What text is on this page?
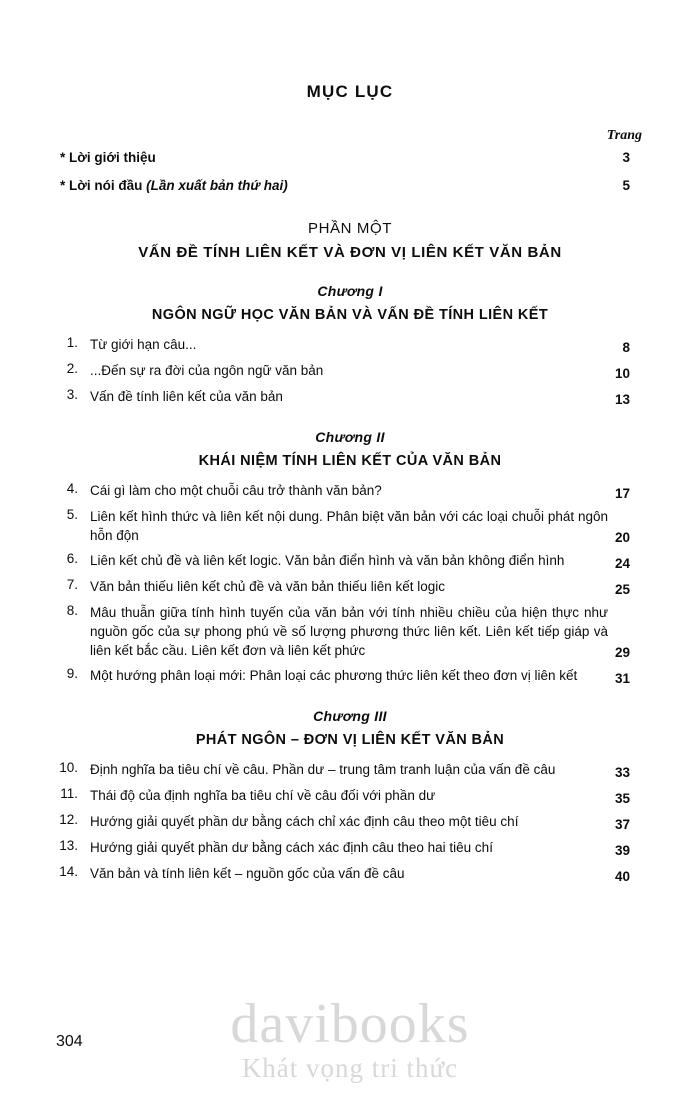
MỤC LỤC
Trang
* Lời giới thiệu	3
* Lời nói đầu (Lần xuất bản thứ hai)	5
PHẦN MỘT
VẤN ĐỀ TÍNH LIÊN KẾT VÀ ĐƠN VỊ LIÊN KẾT VĂN BẢN
Chương I
NGÔN NGỮ HỌC VĂN BẢN VÀ VẤN ĐỀ TÍNH LIÊN KẾT
1. Từ giới hạn câu...	8
2. ...Đến sự ra đời của ngôn ngữ văn bản	10
3. Vấn đề tính liên kết của văn bản	13
Chương II
KHÁI NIỆM TÍNH LIÊN KẾT CỦA VĂN BẢN
4. Cái gì làm cho một chuỗi câu trở thành văn bản?	17
5. Liên kết hình thức và liên kết nội dung. Phân biệt văn bản với các loại chuỗi phát ngôn hỗn độn	20
6. Liên kết chủ đề và liên kết logic. Văn bản điển hình và văn bản không điển hình	24
7. Văn bản thiếu liên kết chủ đề và văn bản thiếu liên kết logic	25
8. Mâu thuẫn giữa tính hình tuyến của văn bản với tính nhiều chiều của hiện thực như nguồn gốc của sự phong phú về số lượng phương thức liên kết. Liên kết tiếp giáp và liên kết bắc cầu. Liên kết đơn và liên kết phức	29
9. Một hướng phân loại mới: Phân loại các phương thức liên kết theo đơn vị liên kết	31
Chương III
PHÁT NGÔN – ĐƠN VỊ LIÊN KẾT VĂN BẢN
10. Định nghĩa ba tiêu chí về câu. Phần dư – trung tâm tranh luận của vấn đề câu	33
11. Thái độ của định nghĩa ba tiêu chí về câu đối với phần dư	35
12. Hướng giải quyết phần dư bằng cách chỉ xác định câu theo một tiêu chí	37
13. Hướng giải quyết phần dư bằng cách xác định câu theo hai tiêu chí	39
14. Văn bản và tính liên kết – nguồn gốc của vấn đề câu	40
304	davibooks
Khát vọng tri thức
